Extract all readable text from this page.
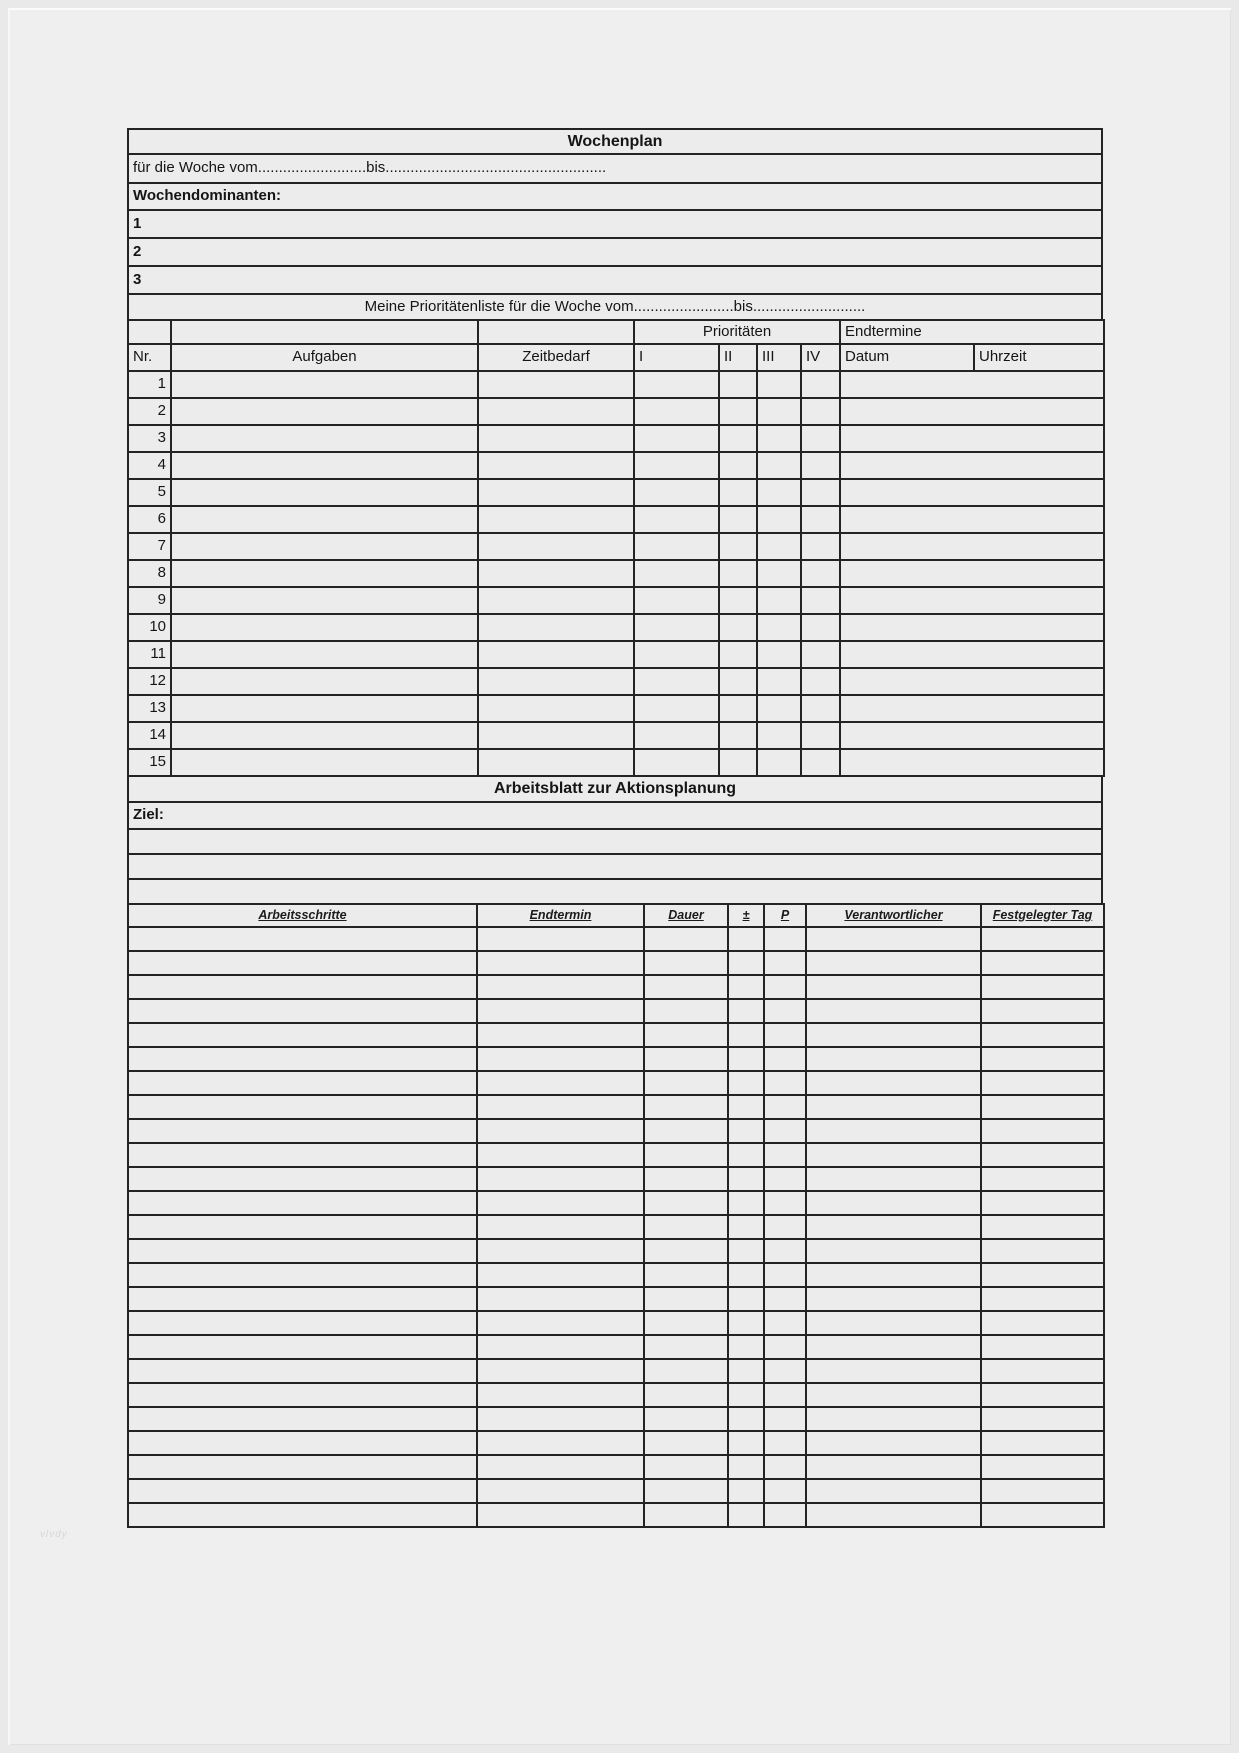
Wochenplan
für die Woche vom..........................bis.....................................................
Wochendominanten:
1
2
3
Meine Prioritätenliste für die Woche vom........................bis...........................
			Prioritäten				Endtermine	
Nr.	Aufgaben	Zeitbedarf	I	II	III	IV	Datum	Uhrzeit
1								
2								
3								
4								
5								
6								
7								
8								
9								
10								
11								
12								
13								
14								
15								
Arbeitsblatt zur Aktionsplanung
Ziel:

Arbeitsschritte	Endtermin	Dauer	±	P	Verantwortlicher	Festgelegter Tag

vlvdy
